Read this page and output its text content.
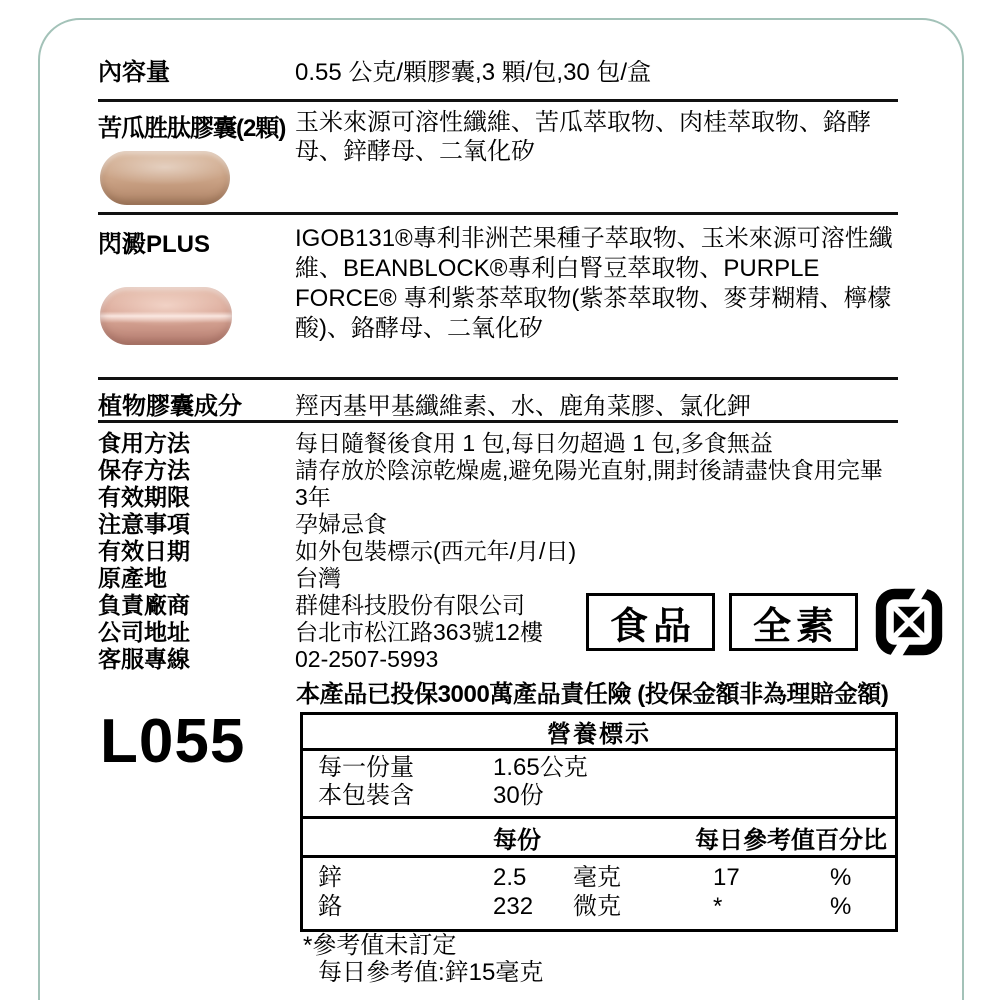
內容量	0.55 公克/顆膠囊,3 顆/包,30 包/盒
苦瓜胜肽膠囊(2顆) 玉米來源可溶性纖維、苦瓜萃取物、肉桂萃取物、鉻酵母、鋅酵母、二氧化矽
閃澱PLUS	IGOB131®專利非洲芒果種子萃取物、玉米來源可溶性纖維、BEANBLOCK®專利白腎豆萃取物、PURPLE FORCE® 專利紫茶萃取物(紫茶萃取物、麥芽糊精、檸檬酸)、鉻酵母、二氧化矽
植物膠囊成分 羥丙基甲基纖維素、水、鹿角菜膠、氯化鉀
食用方法	每日隨餐後食用 1 包,每日勿超過 1 包,多食無益
保存方法	請存放於陰涼乾燥處,避免陽光直射,開封後請盡快食用完畢
有效期限	3年
注意事項	孕婦忌食
有效日期	如外包裝標示(西元年/月/日)
原產地	台灣
負責廠商	群健科技股份有限公司
公司地址	台北市松江路363號12樓
客服專線	02-2507-5993
食品	全素
本產品已投保3000萬產品責任險 (投保金額非為理賠金額)
L055	營養標示
每一份量	1.65公克
本包裝含	30份
每份	每日參考值百分比
鋅	2.5	毫克	17	%
鉻	232	微克	*	%
*參考值未訂定
每日參考值:鋅15毫克
